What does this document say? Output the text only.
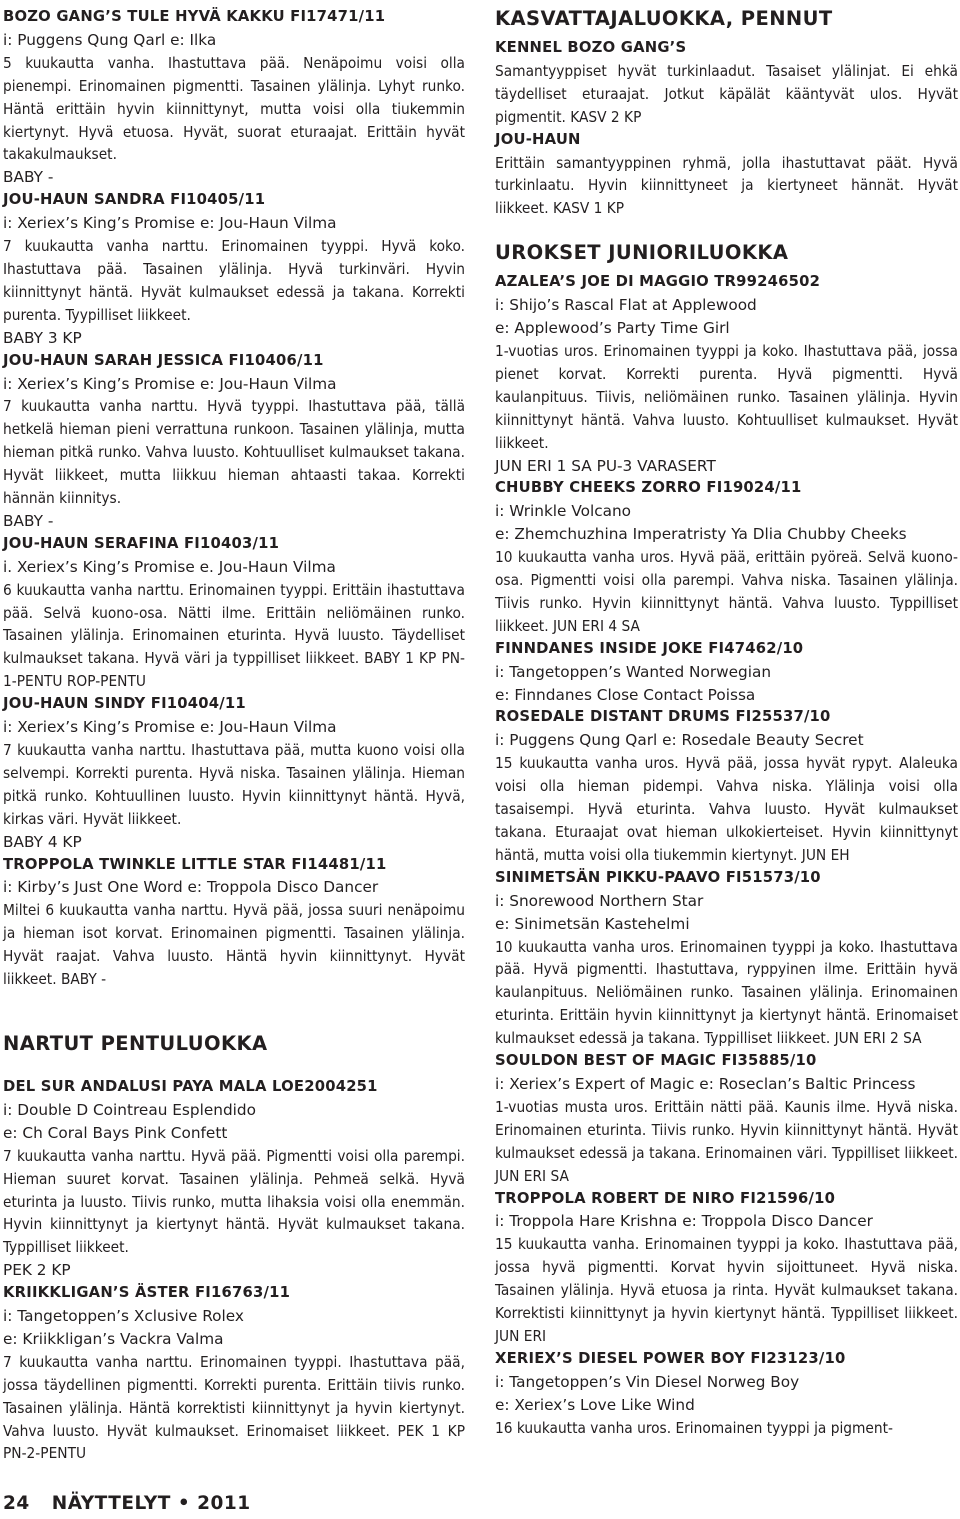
BOZO GANG’S TULE HYVÄ KAKKU FI17471/11
i: Puggens Qung Qarl e: Ilka
5 kuukautta vanha. Ihastuttava pää. Nenäpoimu voisi olla pienempi. Erinomainen pigmentti. Tasainen ylälinja. Lyhyt runko. Häntä erittäin hyvin kiinnittynyt, mutta voisi olla tiukemmin kiertynyt. Hyvä etuosa. Hyvät, suorat eturaajat. Erittäin hyvät takakulmaukset.
BABY -
JOU-HAUN SANDRA FI10405/11
i: Xeriex’s King’s Promise e: Jou-Haun Vilma
7 kuukautta vanha narttu. Erinomainen tyyppi. Hyvä koko. Ihastuttava pää. Tasainen ylälinja. Hyvä turkinväri. Hyvin kiinnittynyt häntä. Hyvät kulmaukset edessä ja takana. Korrekti purenta. Tyypilliset liikkeet.
BABY 3 KP
JOU-HAUN SARAH JESSICA FI10406/11
i: Xeriex’s King’s Promise e: Jou-Haun Vilma
7 kuukautta vanha narttu. Hyvä tyyppi. Ihastuttava pää, tällä hetkelä hieman pieni verrattuna runkoon. Tasainen ylälinja, mutta hieman pitkä runko. Vahva luusto. Kohtuulliset kulmaukset takana. Hyvät liikkeet, mutta liikkuu hieman ahtaasti takaa. Korrekti hännän kiinnitys.
BABY -
JOU-HAUN SERAFINA FI10403/11
i. Xeriex’s King’s Promise e. Jou-Haun Vilma
6 kuukautta vanha narttu. Erinomainen tyyppi. Erittäin ihastuttava pää. Selvä kuono-osa. Nätti ilme. Erittäin neliömäinen runko. Tasainen ylälinja. Erinomainen eturinta. Hyvä luusto. Täydelliset kulmaukset takana. Hyvä väri ja typpilliset liikkeet. BABY 1 KP PN-1-PENTU ROP-PENTU
JOU-HAUN SINDY FI10404/11
i: Xeriex’s King’s Promise e: Jou-Haun Vilma
7 kuukautta vanha narttu. Ihastuttava pää, mutta kuono voisi olla selvempi. Korrekti purenta. Hyvä niska. Tasainen ylälinja. Hieman pitkä runko. Kohtuullinen luusto. Hyvin kiinnittynyt häntä. Hyvä, kirkas väri. Hyvät liikkeet.
BABY 4 KP
TROPPOLA TWINKLE LITTLE STAR FI14481/11
i: Kirby’s Just One Word e: Troppola Disco Dancer
Miltei 6 kuukautta vanha narttu. Hyvä pää, jossa suuri nenäpoimu ja hieman isot korvat. Erinomainen pigmentti. Tasainen ylälinja. Hyvät raajat. Vahva luusto. Häntä hyvin kiinnittynyt. Hyvät liikkeet. BABY -
NARTUT PENTULUOKKA
DEL SUR ANDALUSI PAYA MALA LOE2004251
i: Double D Cointreau Esplendido
e: Ch Coral Bays Pink Confett
7 kuukautta vanha narttu. Hyvä pää. Pigmentti voisi olla parempi. Hieman suuret korvat. Tasainen ylälinja. Pehmeä selkä. Hyvä eturinta ja luusto. Tiivis runko, mutta lihaksia voisi olla enemmän. Hyvin kiinnittynyt ja kiertynyt häntä. Hyvät kulmaukset takana. Typpilliset liikkeet.
PEK 2 KP
KRIIKKLIGAN’S ÄSTER FI16763/11
i: Tangetoppen’s Xclusive Rolex
e: Kriikkligan’s Vackra Valma
7 kuukautta vanha narttu. Erinomainen tyyppi. Ihastuttava pää, jossa täydellinen pigmentti. Korrekti purenta. Erittäin tiivis runko. Tasainen ylälinja. Häntä korrektisti kiinnittynyt ja hyvin kiertynyt. Vahva luusto. Hyvät kulmaukset. Erinomaiset liikkeet. PEK 1 KP PN-2-PENTU
KASVATTAJALUOKKA, PENNUT
KENNEL BOZO GANG’S
Samantyyppiset hyvät turkinlaadut. Tasaiset ylälinjat. Ei ehkä täydelliset eturaajat. Jotkut käpälät kääntyvät ulos. Hyvät pigmentit. KASV 2 KP
JOU-HAUN
Erittäin samantyyppinen ryhmä, jolla ihastuttavat päät. Hyvä turkinlaatu. Hyvin kiinnittyneet ja kiertyneet hännät. Hyvät liikkeet. KASV 1 KP
UROKSET JUNIORILUOKKA
AZALEA’S JOE DI MAGGIO TR99246502
i: Shijo’s Rascal Flat at Applewood
e: Applewood’s Party Time Girl
1-vuotias uros. Erinomainen tyyppi ja koko. Ihastuttava pää, jossa pienet korvat. Korrekti purenta. Hyvä pigmentti. Hyvä kaulanpituus. Tiivis, neliömäinen runko. Tasainen ylälinja. Hyvin kiinnittynyt häntä. Vahva luusto. Kohtuulliset kulmaukset. Hyvät liikkeet.
JUN ERI 1 SA PU-3 VARASERT
CHUBBY CHEEKS ZORRO FI19024/11
i: Wrinkle Volcano
e: Zhemchuzhina Imperatristy Ya Dlia Chubby Cheeks
10 kuukautta vanha uros. Hyvä pää, erittäin pyöreä. Selvä kuono-osa. Pigmentti voisi olla parempi. Vahva niska. Tasainen ylälinja. Tiivis runko. Hyvin kiinnittynyt häntä. Vahva luusto. Typpilliset liikkeet. JUN ERI 4 SA
FINNDANES INSIDE JOKE FI47462/10
i: Tangetoppen’s Wanted Norwegian
e: Finndanes Close Contact Poissa
ROSEDALE DISTANT DRUMS FI25537/10
i: Puggens Qung Qarl e: Rosedale Beauty Secret
15 kuukautta vanha uros. Hyvä pää, jossa hyvät rypyt. Alaleuka voisi olla hieman pidempi. Vahva niska. Ylälinja voisi olla tasaisempi. Hyvä eturinta. Vahva luusto. Hyvät kulmaukset takana. Eturaajat ovat hieman ulkokierteiset. Hyvin kiinnittynyt häntä, mutta voisi olla tiukemmin kiertynyt. JUN EH
SINIMETSÄN PIKKU-PAAVO FI51573/10
i: Snorewood Northern Star
e: Sinimetsän Kastehelmi
10 kuukautta vanha uros. Erinomainen tyyppi ja koko. Ihastuttava pää. Hyvä pigmentti. Ihastuttava, ryppyinen ilme. Erittäin hyvä kaulanpituus. Neliömäinen runko. Tasainen ylälinja. Erinomainen eturinta. Erittäin hyvin kiinnittynyt ja kiertynyt häntä. Erinomaiset kulmaukset edessä ja takana. Typpilliset liikkeet. JUN ERI 2 SA
SOULDON BEST OF MAGIC FI35885/10
i: Xeriex’s Expert of Magic e: Roseclan’s Baltic Princess
1-vuotias musta uros. Erittäin nätti pää. Kaunis ilme. Hyvä niska. Erinomainen eturinta. Tiivis runko. Hyvin kiinnittynyt häntä. Hyvät kulmaukset edessä ja takana. Erinomainen väri. Typpilliset liikkeet. JUN ERI SA
TROPPOLA ROBERT DE NIRO FI21596/10
i: Troppola Hare Krishna e: Troppola Disco Dancer
15 kuukautta vanha. Erinomainen tyyppi ja koko. Ihastuttava pää, jossa hyvä pigmentti. Korvat hyvin sijoittuneet. Hyvä niska. Tasainen ylälinja. Hyvä etuosa ja rinta. Hyvät kulmaukset takana. Korrektisti kiinnittynyt ja hyvin kiertynyt häntä. Typpilliset liikkeet. JUN ERI
XERIEX’S DIESEL POWER BOY FI23123/10
i: Tangetoppen’s Vin Diesel Norweg Boy
e: Xeriex’s Love Like Wind
16 kuukautta vanha uros. Erinomainen tyyppi ja pigment-
24 NÄYTTELYT • 2011
